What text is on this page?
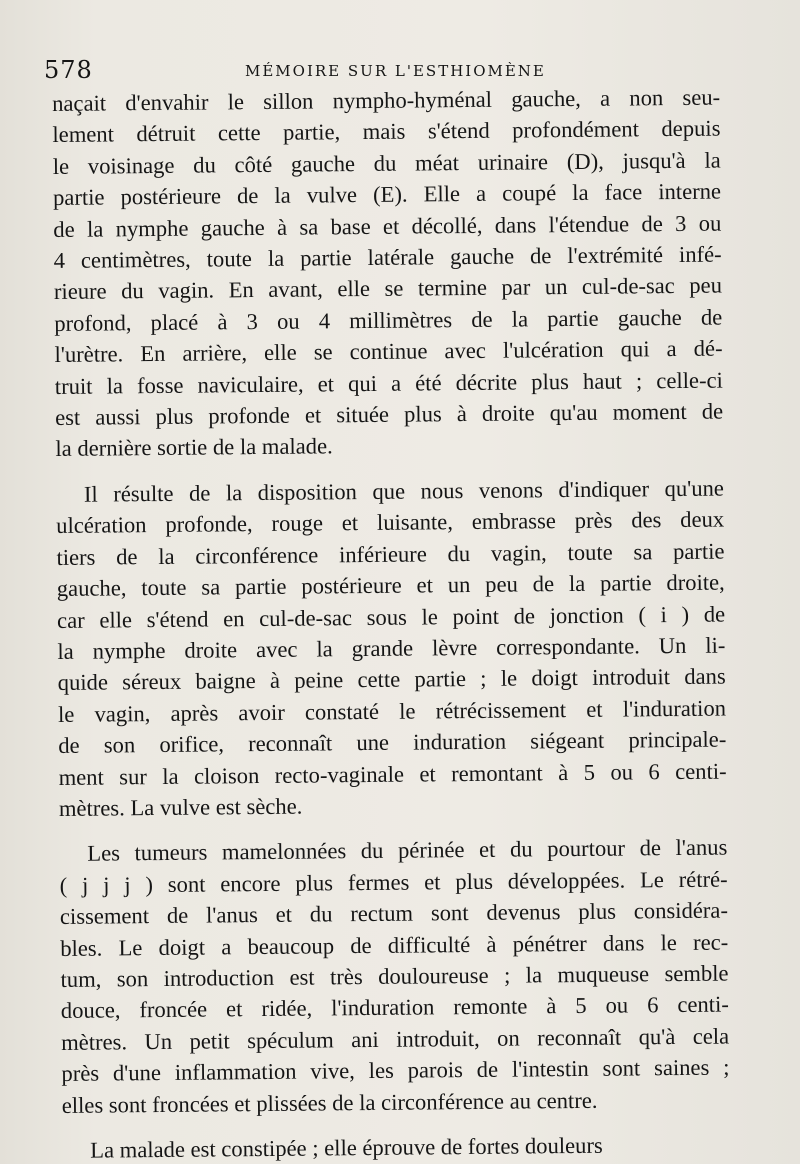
578	MÉMOIRE SUR L'ESTHIOMÈNE
naçait d'envahir le sillon nympho-hyménal gauche, a non seu-
lement détruit cette partie, mais s'étend profondément depuis
le voisinage du côté gauche du méat urinaire (D), jusqu'à la
partie postérieure de la vulve (E). Elle a coupé la face interne
de la nymphe gauche à sa base et décollé, dans l'étendue de 3 ou
4 centimètres, toute la partie latérale gauche de l'extrémité infé-
rieure du vagin. En avant, elle se termine par un cul-de-sac peu
profond, placé à 3 ou 4 millimètres de la partie gauche de
l'urètre. En arrière, elle se continue avec l'ulcération qui a dé-
truit la fosse naviculaire, et qui a été décrite plus haut ; celle-ci
est aussi plus profonde et située plus à droite qu'au moment de
la dernière sortie de la malade.
Il résulte de la disposition que nous venons d'indiquer qu'une
ulcération profonde, rouge et luisante, embrasse près des deux
tiers de la circonférence inférieure du vagin, toute sa partie
gauche, toute sa partie postérieure et un peu de la partie droite,
car elle s'étend en cul-de-sac sous le point de jonction ( i ) de
la nymphe droite avec la grande lèvre correspondante. Un li-
quide séreux baigne à peine cette partie ; le doigt introduit dans
le vagin, après avoir constaté le rétrécissement et l'induration
de son orifice, reconnaît une induration siégeant principale-
ment sur la cloison recto-vaginale et remontant à 5 ou 6 centi-
mètres. La vulve est sèche.
Les tumeurs mamelonnées du périnée et du pourtour de l'anus
( j j j ) sont encore plus fermes et plus développées. Le rétré-
cissement de l'anus et du rectum sont devenus plus considéra-
bles. Le doigt a beaucoup de difficulté à pénétrer dans le rec-
tum, son introduction est très douloureuse ; la muqueuse semble
douce, froncée et ridée, l'induration remonte à 5 ou 6 centi-
mètres. Un petit spéculum ani introduit, on reconnaît qu'à cela
près d'une inflammation vive, les parois de l'intestin sont saines ;
elles sont froncées et plissées de la circonférence au centre.
La malade est constipée ; elle éprouve de fortes douleurs
